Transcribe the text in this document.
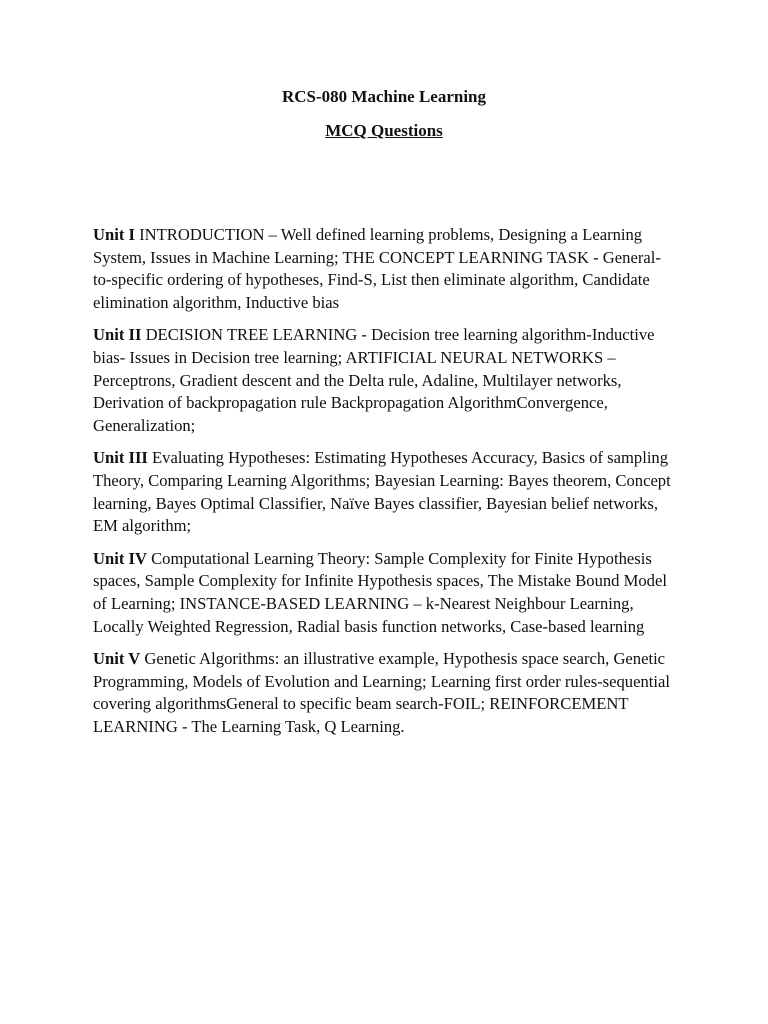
RCS-080 Machine Learning

MCQ Questions

Unit I INTRODUCTION – Well defined learning problems, Designing a Learning System, Issues in Machine Learning; THE CONCEPT LEARNING TASK - General-to-specific ordering of hypotheses, Find-S, List then eliminate algorithm, Candidate elimination algorithm, Inductive bias

Unit II DECISION TREE LEARNING - Decision tree learning algorithm-Inductive bias- Issues in Decision tree learning; ARTIFICIAL NEURAL NETWORKS – Perceptrons, Gradient descent and the Delta rule, Adaline, Multilayer networks, Derivation of backpropagation rule Backpropagation AlgorithmConvergence, Generalization;

Unit III Evaluating Hypotheses: Estimating Hypotheses Accuracy, Basics of sampling Theory, Comparing Learning Algorithms; Bayesian Learning: Bayes theorem, Concept learning, Bayes Optimal Classifier, Naïve Bayes classifier, Bayesian belief networks, EM algorithm;

Unit IV Computational Learning Theory: Sample Complexity for Finite Hypothesis spaces, Sample Complexity for Infinite Hypothesis spaces, The Mistake Bound Model of Learning; INSTANCE-BASED LEARNING – k-Nearest Neighbour Learning, Locally Weighted Regression, Radial basis function networks, Case-based learning

Unit V Genetic Algorithms: an illustrative example, Hypothesis space search, Genetic Programming, Models of Evolution and Learning; Learning first order rules-sequential covering algorithmsGeneral to specific beam search-FOIL; REINFORCEMENT LEARNING - The Learning Task, Q Learning.
